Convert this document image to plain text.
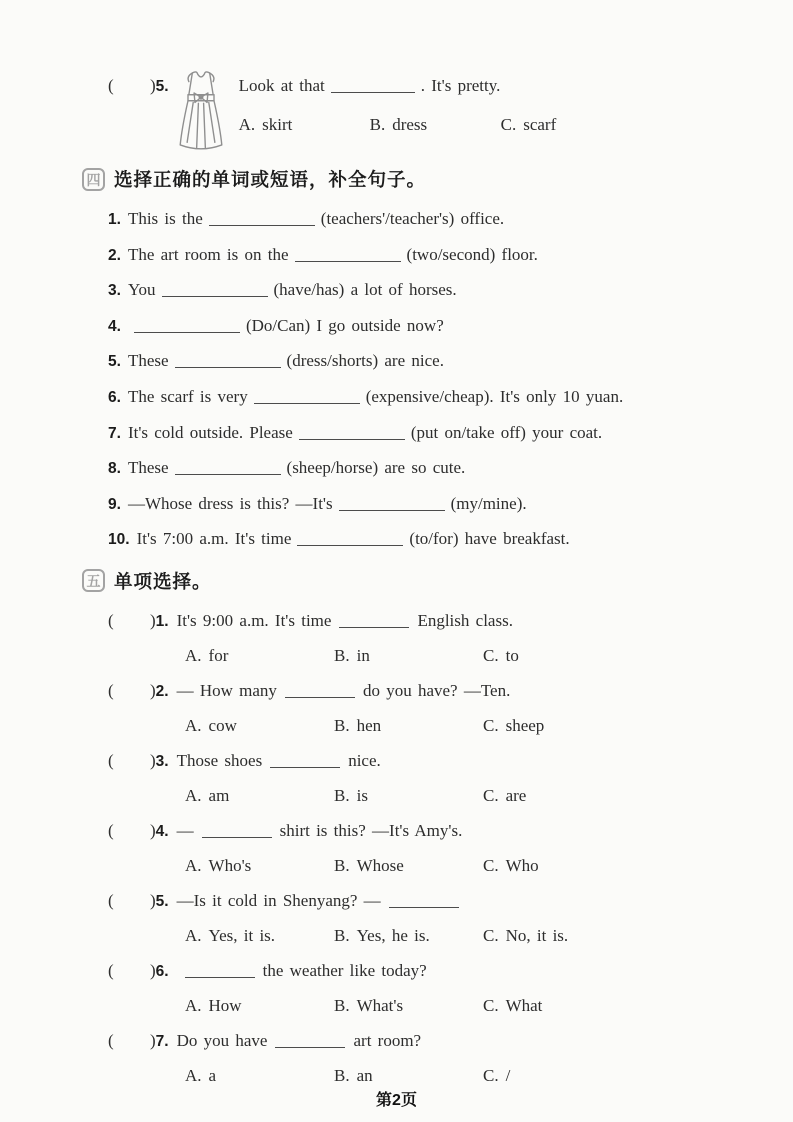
( )5.	Look at that	. It's pretty.
A. skirt	B. dress	C. scarf
四 选择正确的单词或短语，补全句子。
1. This is the	(teachers'/teacher's) office.
2. The art room is on the	(two/second) floor.
3. You	(have/has) a lot of horses.
4.	(Do/Can) I go outside now?
5. These	(dress/shorts) are nice.
6. The scarf is very	(expensive/cheap). It's only 10 yuan.
7. It's cold outside. Please	(put on/take off) your coat.
8. These	(sheep/horse) are so cute.
9. —Whose dress is this? —It's	(my/mine).
10. It's 7:00 a.m. It's time	(to/for) have breakfast.
五 单项选择。
( )1. It's 9:00 a.m. It's time	English class.
A. for	B. in	C. to
( )2. — How many	do you have? —Ten.
A. cow	B. hen	C. sheep
( )3. Those shoes	nice.
A. am	B. is	C. are
( )4. —	shirt is this? —It's Amy's.
A. Who's	B. Whose	C. Who
( )5. —Is it cold in Shenyang? —
A. Yes, it is.	B. Yes, he is.	C. No, it is.
( )6.	the weather like today?
A. How	B. What's	C. What
( )7. Do you have	art room?
A. a	B. an	C. /
第2页
